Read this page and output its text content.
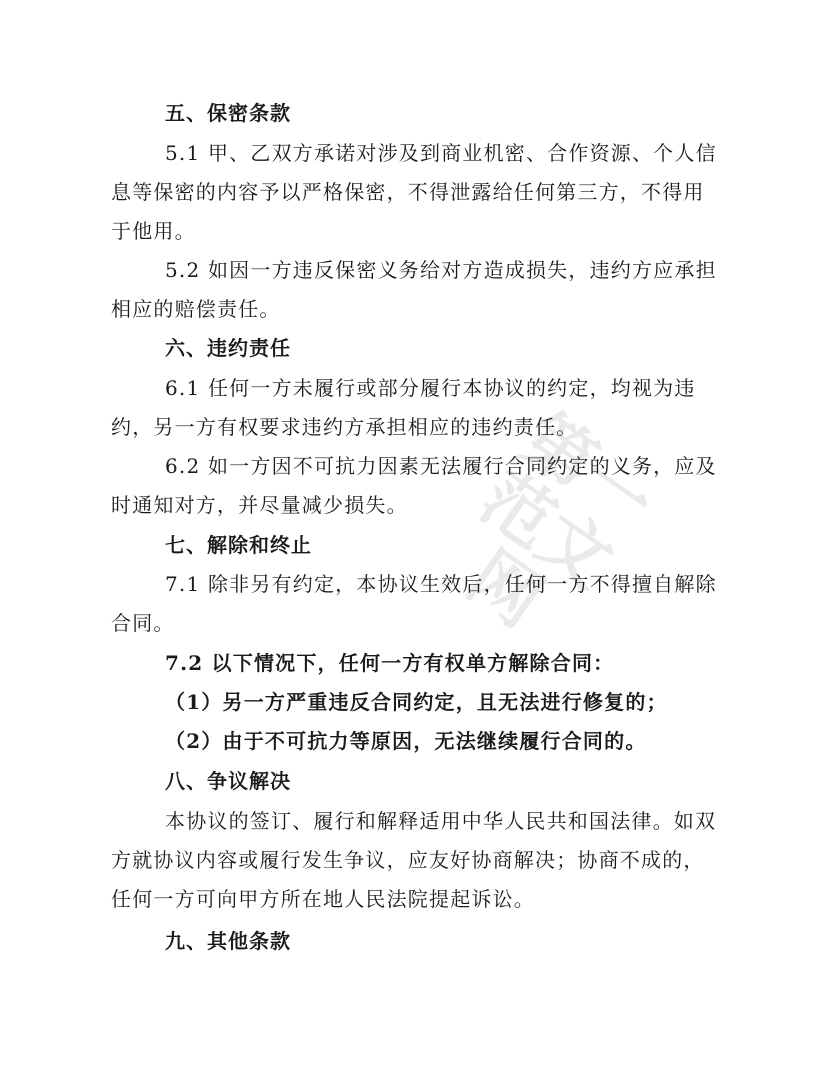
第一范文网
五、保密条款
5.1 甲、乙双方承诺对涉及到商业机密、合作资源、个人信
息等保密的内容予以严格保密，不得泄露给任何第三方，不得用
于他用。
5.2 如因一方违反保密义务给对方造成损失，违约方应承担
相应的赔偿责任。
六、违约责任
6.1 任何一方未履行或部分履行本协议的约定，均视为违
约，另一方有权要求违约方承担相应的违约责任。
6.2 如一方因不可抗力因素无法履行合同约定的义务，应及
时通知对方，并尽量减少损失。
七、解除和终止
7.1 除非另有约定，本协议生效后，任何一方不得擅自解除
合同。
7.2 以下情况下，任何一方有权单方解除合同：
（1）另一方严重违反合同约定，且无法进行修复的；
（2）由于不可抗力等原因，无法继续履行合同的。
八、争议解决
本协议的签订、履行和解释适用中华人民共和国法律。如双
方就协议内容或履行发生争议，应友好协商解决；协商不成的，
任何一方可向甲方所在地人民法院提起诉讼。
九、其他条款
